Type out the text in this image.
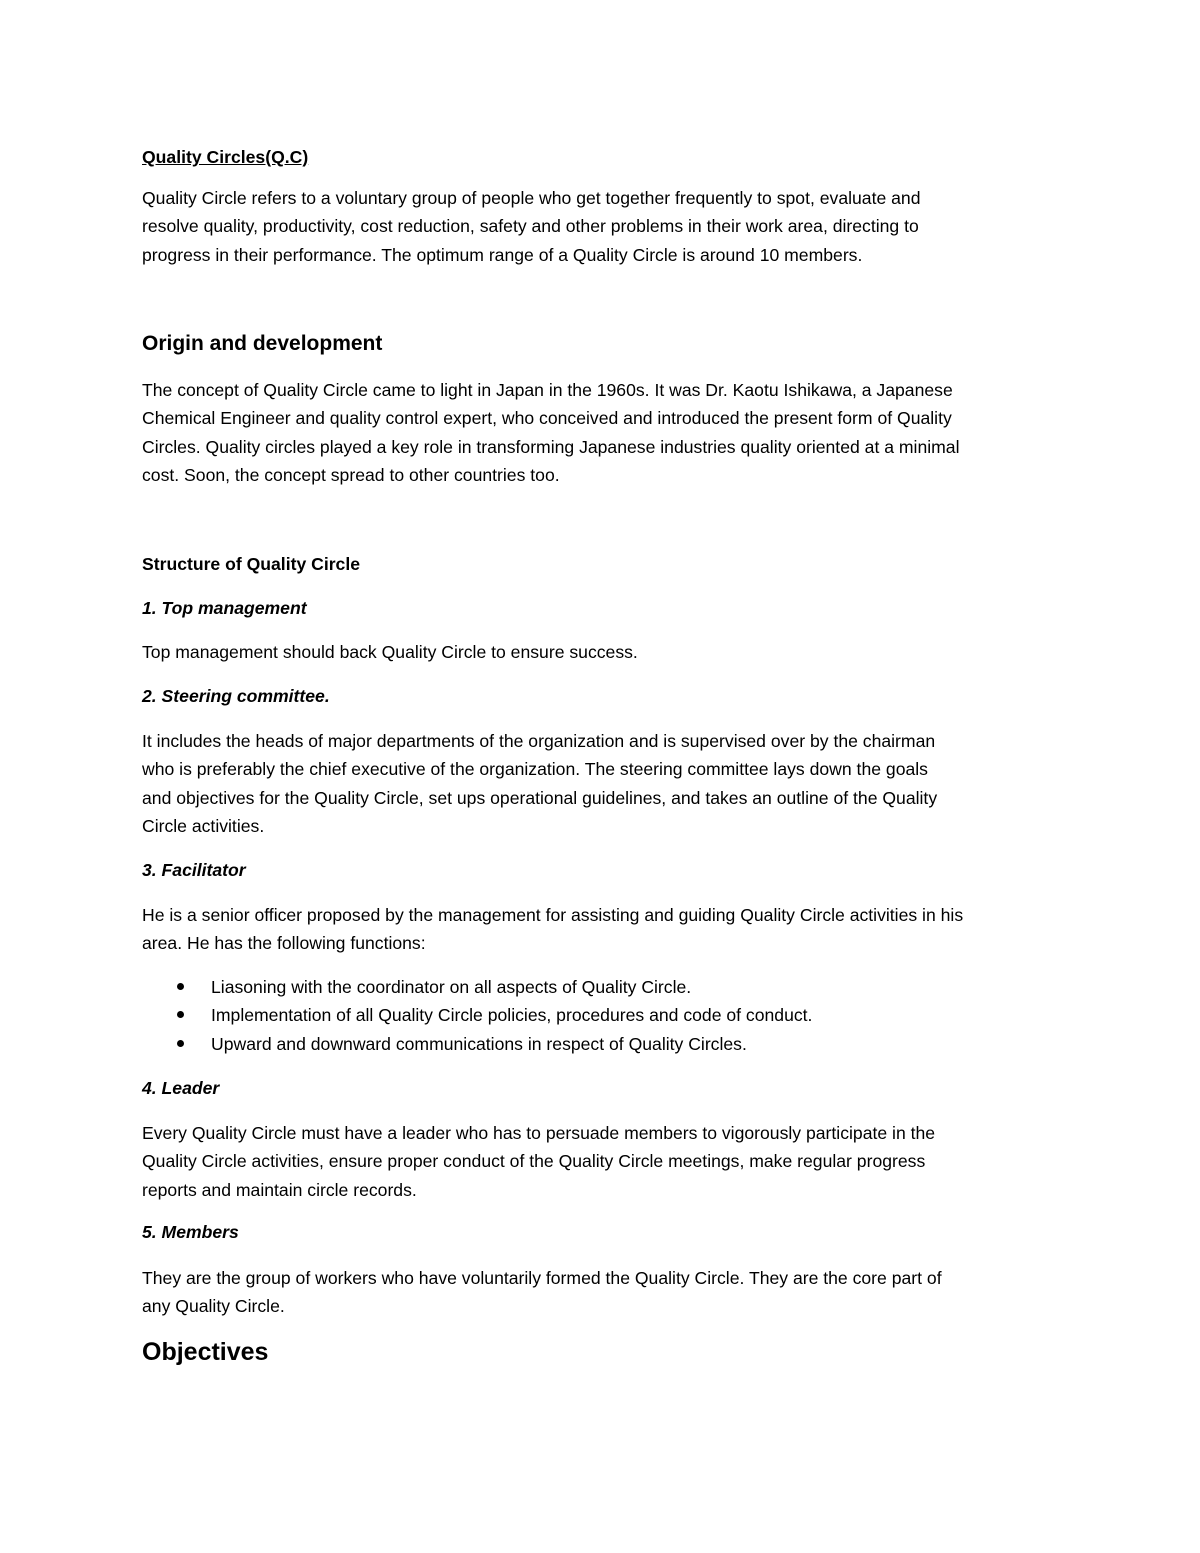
Quality Circles(Q.C)
Quality Circle refers to a voluntary group of people who get together frequently to spot, evaluate and
resolve quality, productivity, cost reduction, safety and other problems in their work area, directing to
progress in their performance. The optimum range of a Quality Circle is around 10 members.
Origin and development
The concept of Quality Circle came to light in Japan in the 1960s. It was Dr. Kaotu Ishikawa, a Japanese
Chemical Engineer and quality control expert, who conceived and introduced the present form of Quality
Circles. Quality circles played a key role in transforming Japanese industries quality oriented at a minimal
cost. Soon, the concept spread to other countries too.
Structure of Quality Circle
1. Top management
Top management should back Quality Circle to ensure success.
2. Steering committee.
It includes the heads of major departments of the organization and is supervised over by the chairman
who is preferably the chief executive of the organization. The steering committee lays down the goals
and objectives for the Quality Circle, set ups operational guidelines, and takes an outline of the Quality
Circle activities.
3. Facilitator
He is a senior officer proposed by the management for assisting and guiding Quality Circle activities in his
area. He has the following functions:
Liasoning with the coordinator on all aspects of Quality Circle.
Implementation of all Quality Circle policies, procedures and code of conduct.
Upward and downward communications in respect of Quality Circles.
4. Leader
Every Quality Circle must have a leader who has to persuade members to vigorously participate in the
Quality Circle activities, ensure proper conduct of the Quality Circle meetings, make regular progress
reports and maintain circle records.
5. Members
They are the group of workers who have voluntarily formed the Quality Circle. They are the core part of
any Quality Circle.
Objectives
